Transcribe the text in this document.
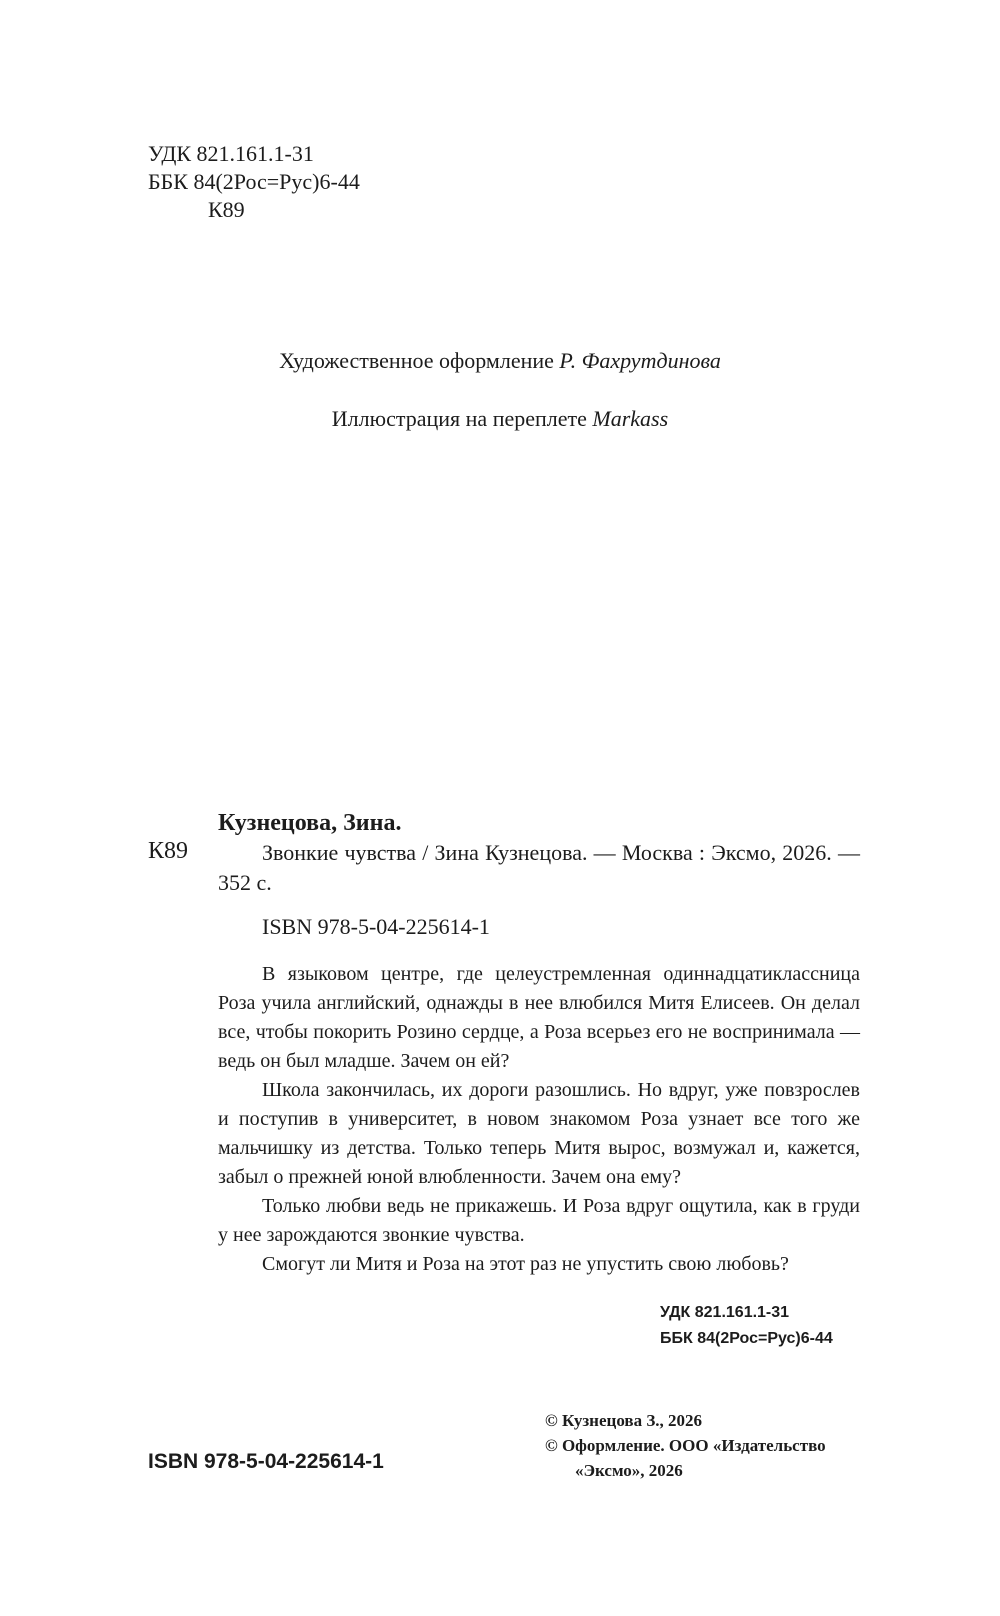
УДК 821.161.1-31
ББК 84(2Рос=Рус)6-44
К89
Художественное оформление Р. Фахрутдинова
Иллюстрация на переплете Markass
К89
Кузнецова, Зина.
Звонкие чувства / Зина Кузнецова. — Москва : Эксмо, 2026. — 352 с.
ISBN 978-5-04-225614-1

В языковом центре, где целеустремленная одиннадцатиклассница Роза учила английский, однажды в нее влюбился Митя Елисеев. Он делал все, чтобы покорить Розино сердце, а Роза всерьез его не воспринимала — ведь он был младше. Зачем он ей?

Школа закончилась, их дороги разошлись. Но вдруг, уже повзрослев и поступив в университет, в новом знакомом Роза узнает все того же мальчишку из детства. Только теперь Митя вырос, возмужал и, кажется, забыл о прежней юной влюбленности. Зачем она ему?

Только любви ведь не прикажешь. И Роза вдруг ощутила, как в груди у нее зарождаются звонкие чувства.

Смогут ли Митя и Роза на этот раз не упустить свою любовь?

УДК 821.161.1-31
ББК 84(2Рос=Рус)6-44
ISBN 978-5-04-225614-1
© Кузнецова З., 2026
© Оформление. ООО «Издательство
«Эксмо», 2026
